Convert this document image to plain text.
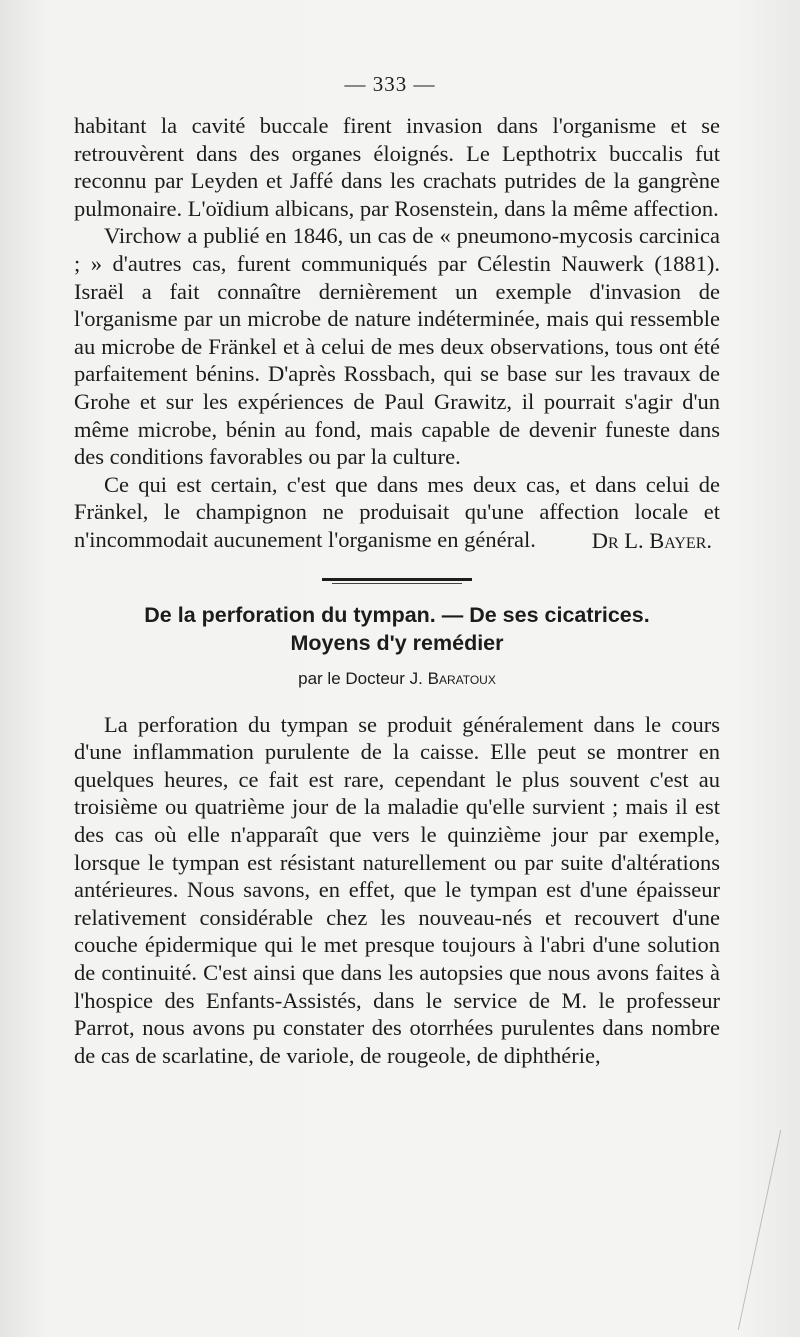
— 333 —

habitant la cavité buccale firent invasion dans l'organisme et se retrouvèrent dans des organes éloignés. Le Lepthotrix buccalis fut reconnu par Leyden et Jaffé dans les crachats putrides de la gangrène pulmonaire. L'oïdium albicans, par Rosenstein, dans la même affection.

Virchow a publié en 1846, un cas de « pneumono-mycosis carcinica ; » d'autres cas, furent communiqués par Célestin Nauwerk (1881). Israël a fait connaître dernièrement un exemple d'invasion de l'organisme par un microbe de nature indéterminée, mais qui ressemble au microbe de Fränkel et à celui de mes deux observations, tous ont été parfaitement bénins. D'après Rossbach, qui se base sur les travaux de Grohe et sur les expériences de Paul Grawitz, il pourrait s'agir d'un même microbe, bénin au fond, mais capable de devenir funeste dans des conditions favorables ou par la culture.

Ce qui est certain, c'est que dans mes deux cas, et dans celui de Fränkel, le champignon ne produisait qu'une affection locale et n'incommodait aucunement l'organisme en général.	Dr L. Bayer.

De la perforation du tympan. — De ses cicatrices.

Moyens d'y remédier

par le Docteur J. Baratoux

La perforation du tympan se produit généralement dans le cours d'une inflammation purulente de la caisse. Elle peut se montrer en quelques heures, ce fait est rare, cependant le plus souvent c'est au troisième ou quatrième jour de la maladie qu'elle survient ; mais il est des cas où elle n'apparaît que vers le quinzième jour par exemple, lorsque le tympan est résistant naturellement ou par suite d'altérations antérieures. Nous savons, en effet, que le tympan est d'une épaisseur relativement considérable chez les nouveau-nés et recouvert d'une couche épidermique qui le met presque toujours à l'abri d'une solution de continuité. C'est ainsi que dans les autopsies que nous avons faites à l'hospice des Enfants-Assistés, dans le service de M. le professeur Parrot, nous avons pu constater des otorrhées purulentes dans nombre de cas de scarlatine, de variole, de rougeole, de diphthérie,
